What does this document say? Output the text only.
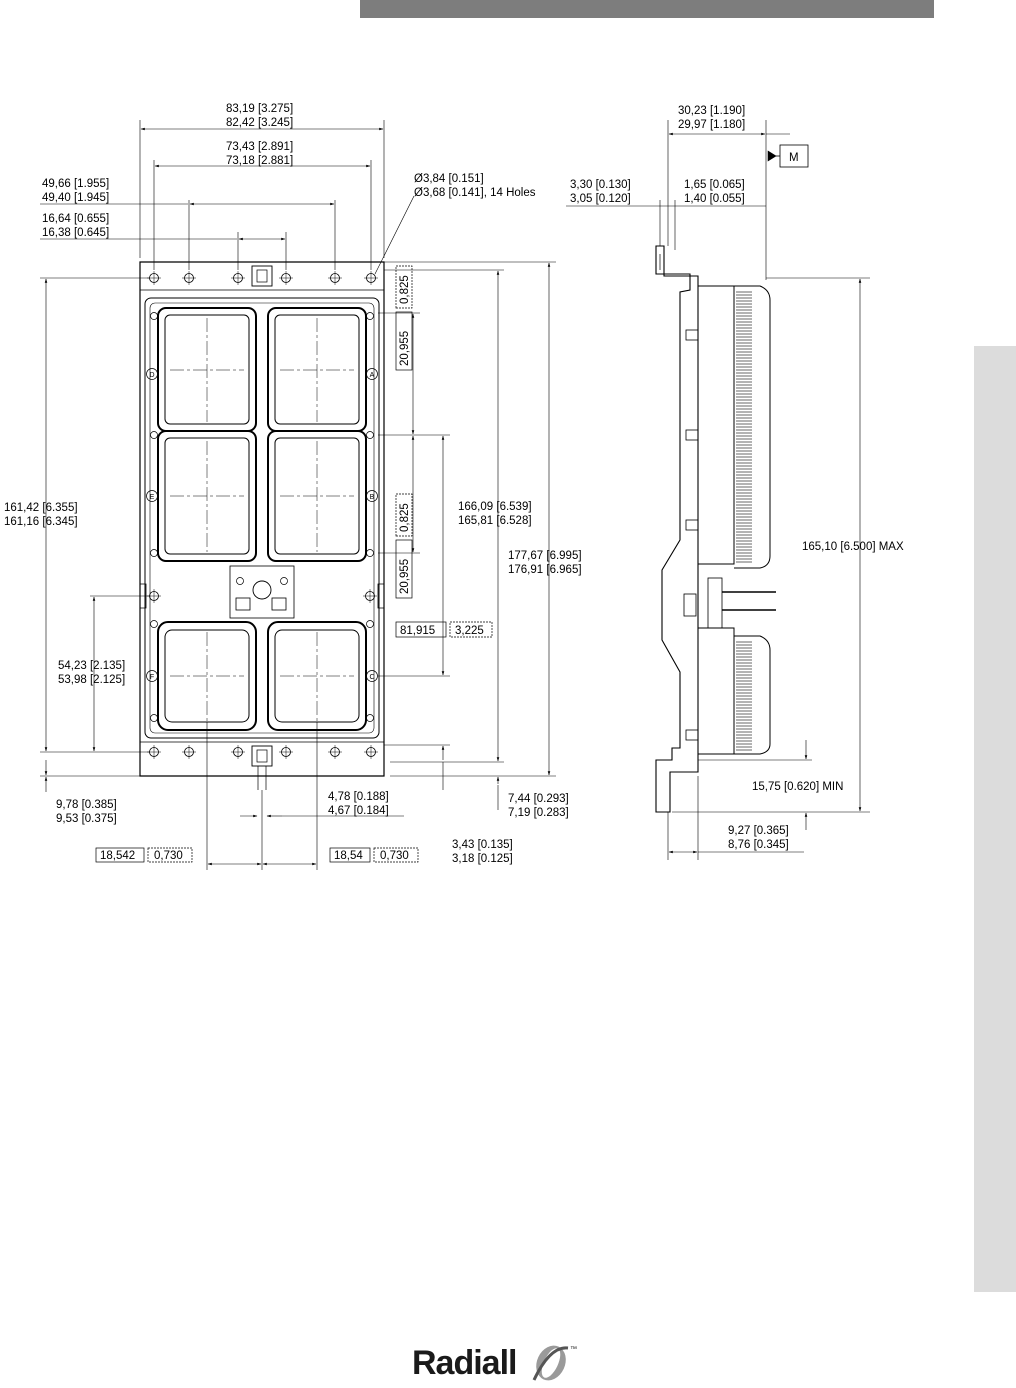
D	A
E	B
F	C
83,19 [3.275]
82,42 [3.245]
73,43 [2.891]
73,18 [2.881]
49,66 [1.955]
49,40 [1.945]
16,64 [0.655]
16,38 [0.645]
Ø3,84 [0.151]
Ø3,68 [0.141], 14 Holes
161,42 [6.355]
161,16 [6.345]
54,23 [2.135]
53,98 [2.125]
166,09 [6.539]
165,81 [6.528]
177,67 [6.995]
176,91 [6.965]
9,78 [0.385]
9,53 [0.375]
4,78 [0.188]
4,67 [0.184]
7,44 [0.293]
7,19 [0.283]
3,43 [0.135]
3,18 [0.125]
20,955
0,825
20,955
0,825
81,915 3,225
18,542 0,730	18,54 0,730
30,23 [1.190]
29,97 [1.180]
M
3,30 [0.130]
3,05 [0.120]
1,65 [0.065]
1,40 [0.055]
165,10 [6.500] MAX
15,75 [0.620] MIN
9,27 [0.365]
8,76 [0.345]
Radiall	™
